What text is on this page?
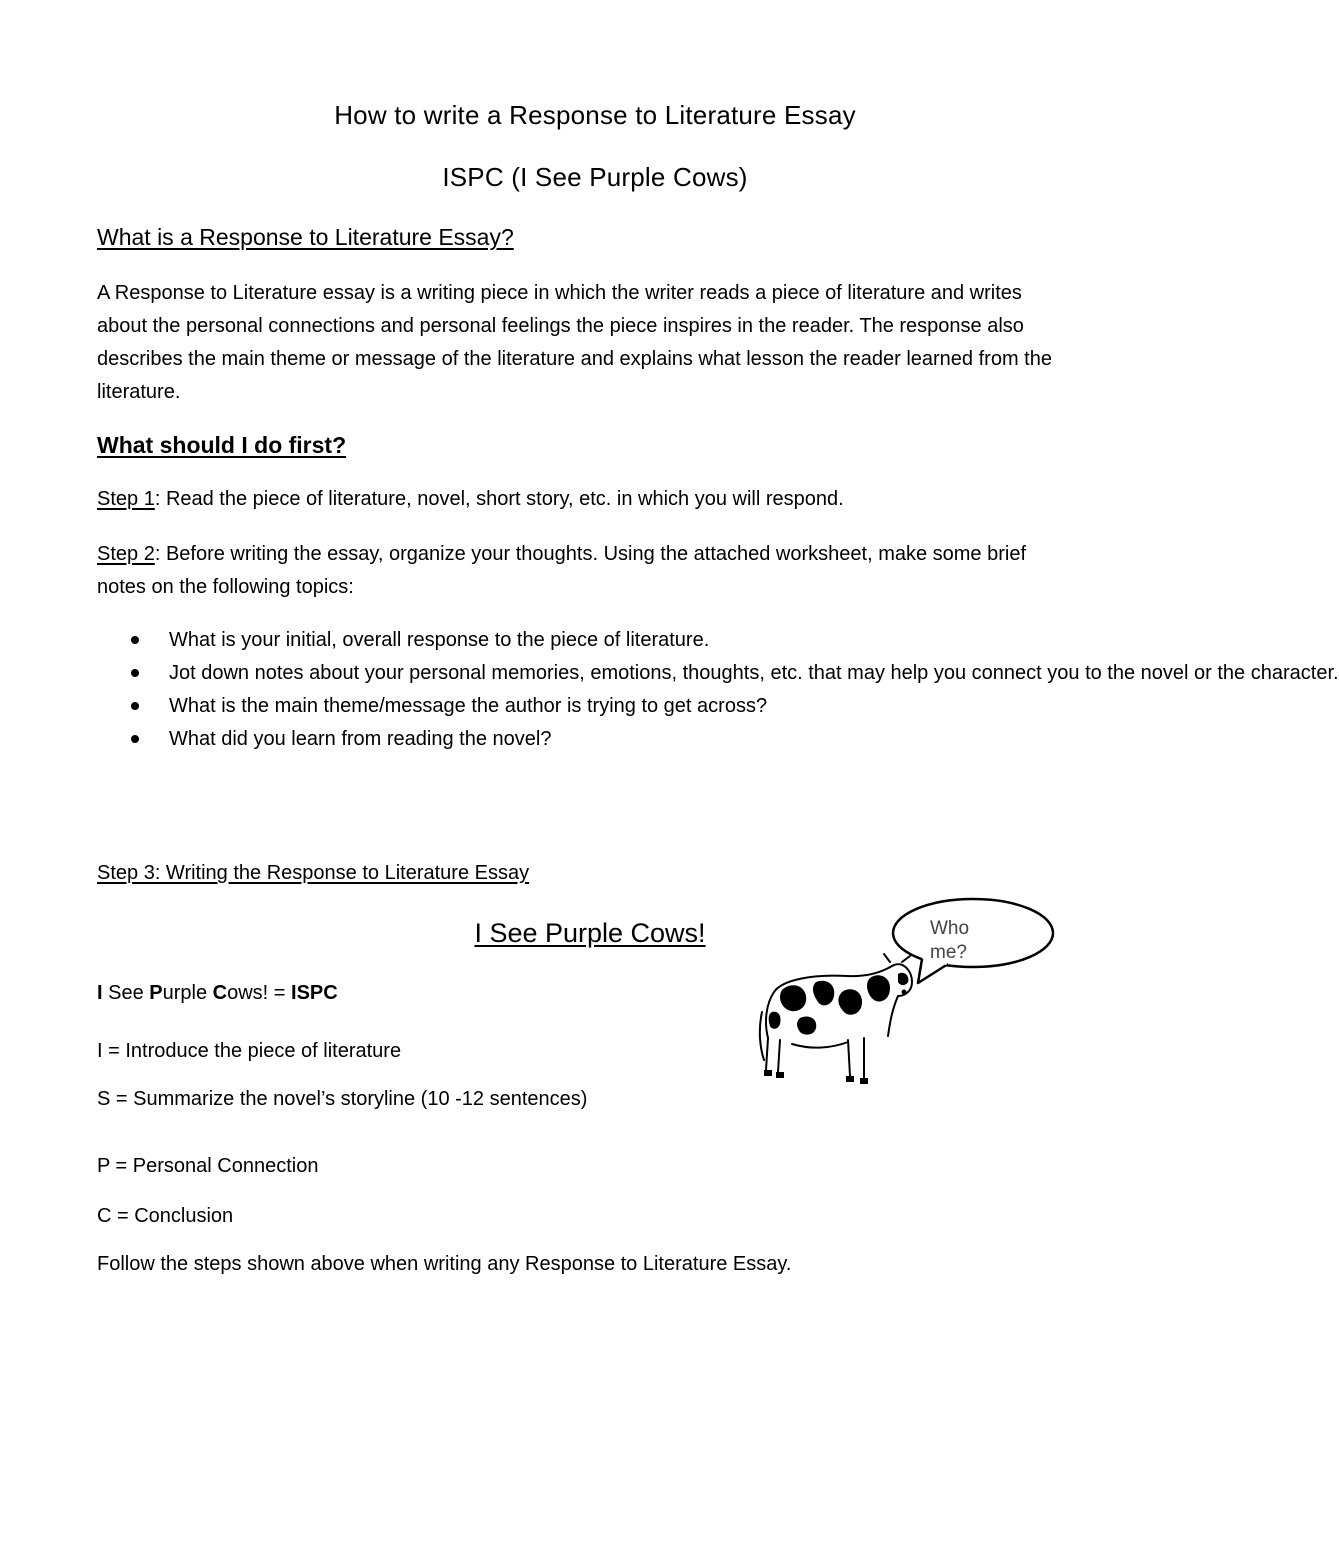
How to write a Response to Literature Essay
ISPC (I See Purple Cows)
What is a Response to Literature Essay?
A Response to Literature essay is a writing piece in which the writer reads a piece of literature and writes about the personal connections and personal feelings the piece inspires in the reader. The response also describes the main theme or message of the literature and explains what lesson the reader learned from the literature.
What should I do first?
Step 1: Read the piece of literature, novel, short story, etc. in which you will respond.
Step 2: Before writing the essay, organize your thoughts. Using the attached worksheet, make some brief notes on the following topics:
What is your initial, overall response to the piece of literature.
Jot down notes about your personal memories, emotions, thoughts, etc. that may help you connect you to the novel or the character.
What is the main theme/message the author is trying to get across?
What did you learn from reading the novel?
Step 3: Writing the Response to Literature Essay
I See Purple Cows!
I See Purple Cows! = ISPC
I = Introduce the piece of literature
S = Summarize the novel’s storyline (10 -12 sentences)
P = Personal Connection
C = Conclusion
Follow the steps shown above when writing any Response to Literature Essay.
Who
me?
